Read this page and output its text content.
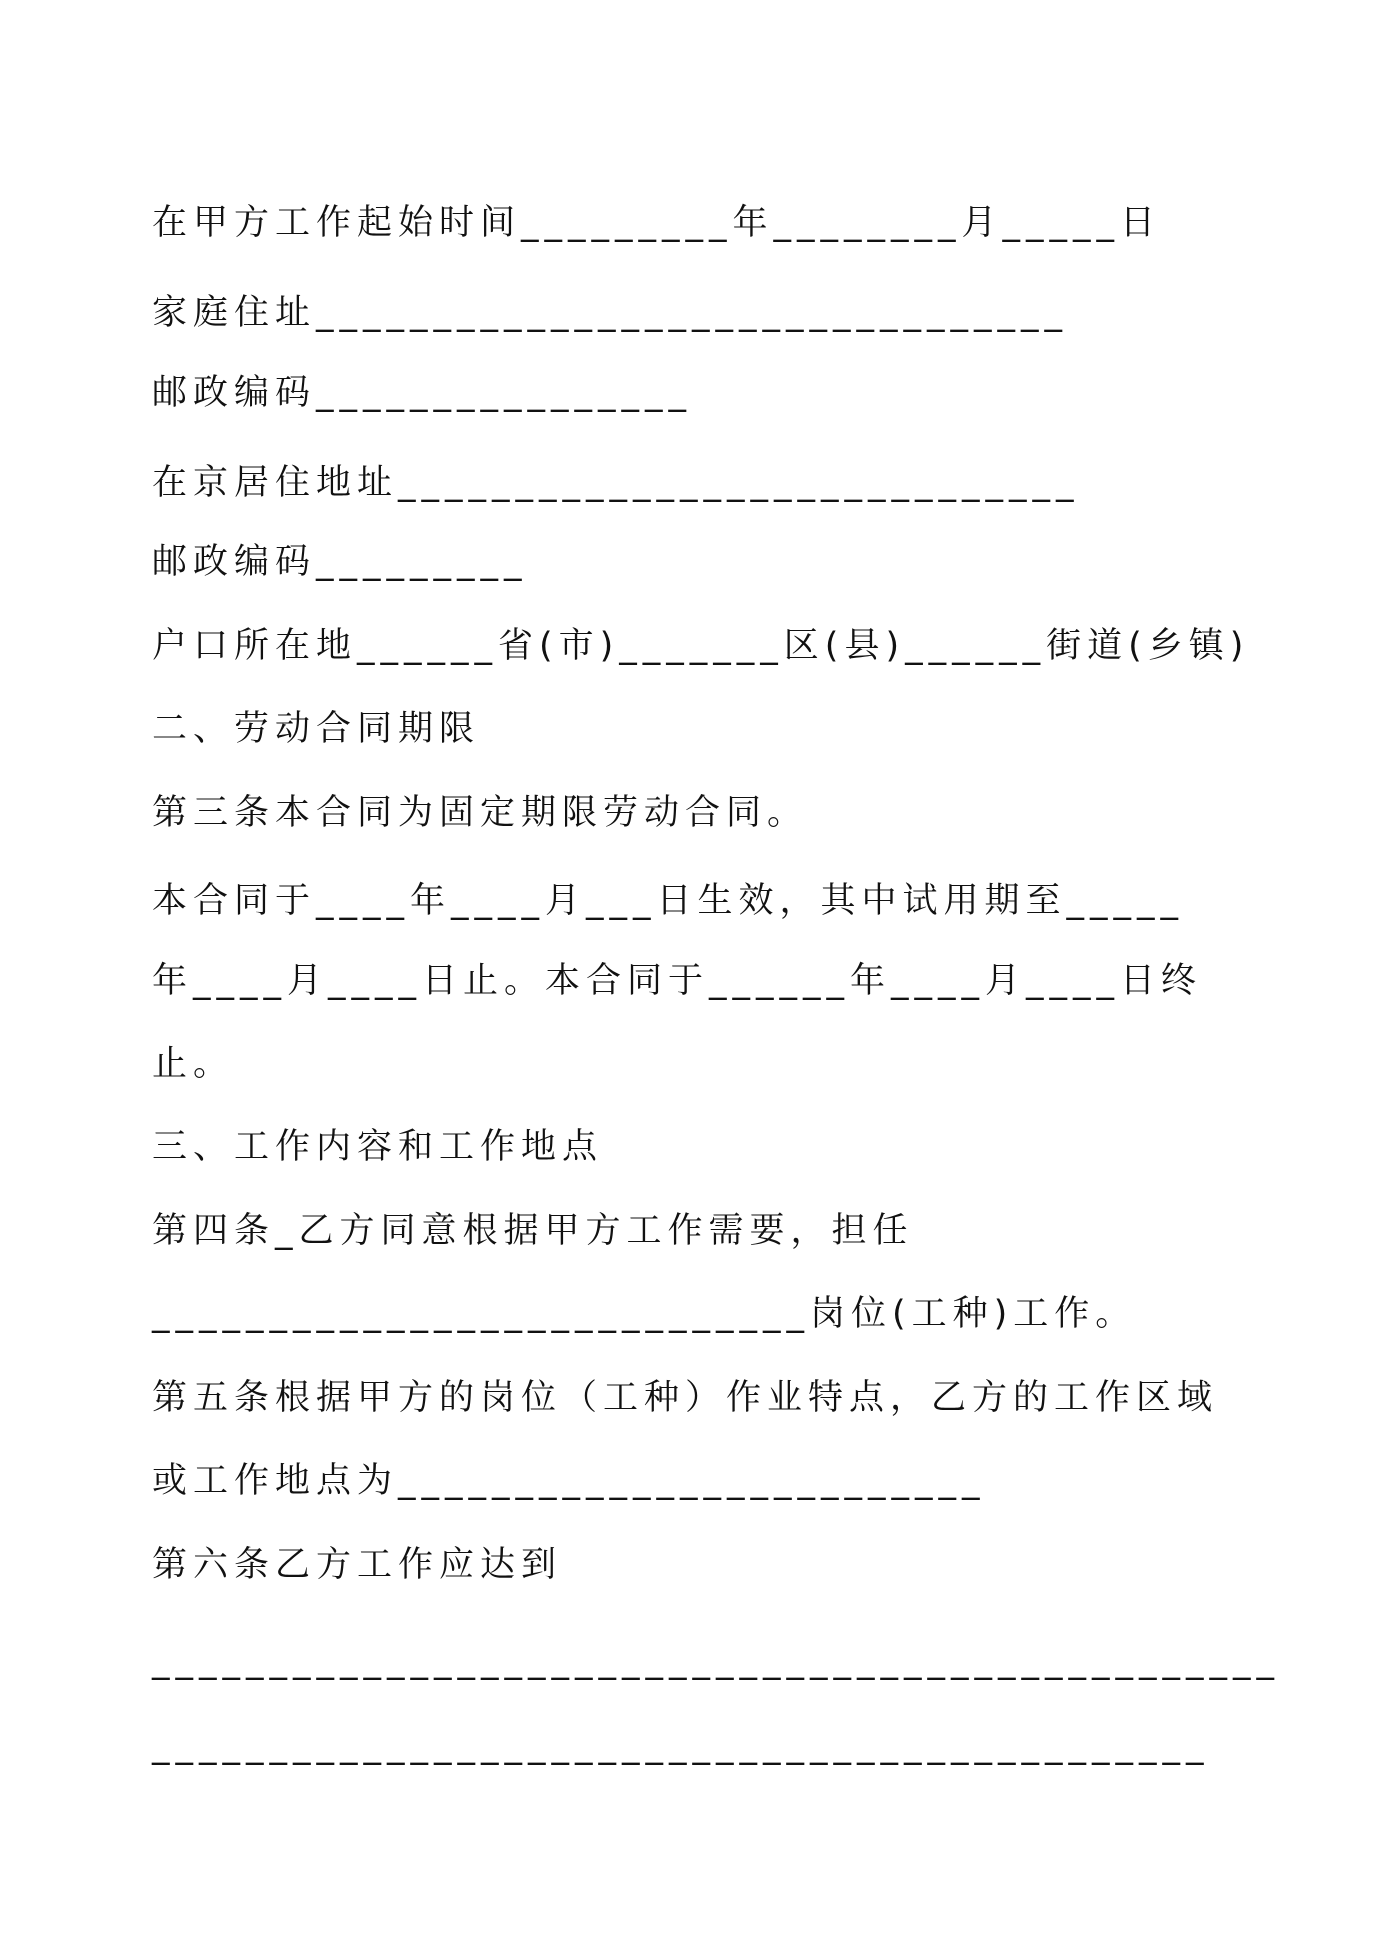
在甲方工作起始时间_________年________月_____日

家庭住址________________________________

邮政编码________________

在京居住地址_____________________________

邮政编码_________

户口所在地______省(市)_______区(县)______街道(乡镇)

二、劳动合同期限

第三条本合同为固定期限劳动合同。

本合同于____年____月___日生效，其中试用期至_____

年____月____日止。本合同于______年____月____日终

止。

三、工作内容和工作地点

第四条_乙方同意根据甲方工作需要，担任

____________________________岗位(工种)工作。

第五条根据甲方的岗位（工种）作业特点，乙方的工作区域

或工作地点为_________________________

第六条乙方工作应达到

________________________________________________

_____________________________________________
